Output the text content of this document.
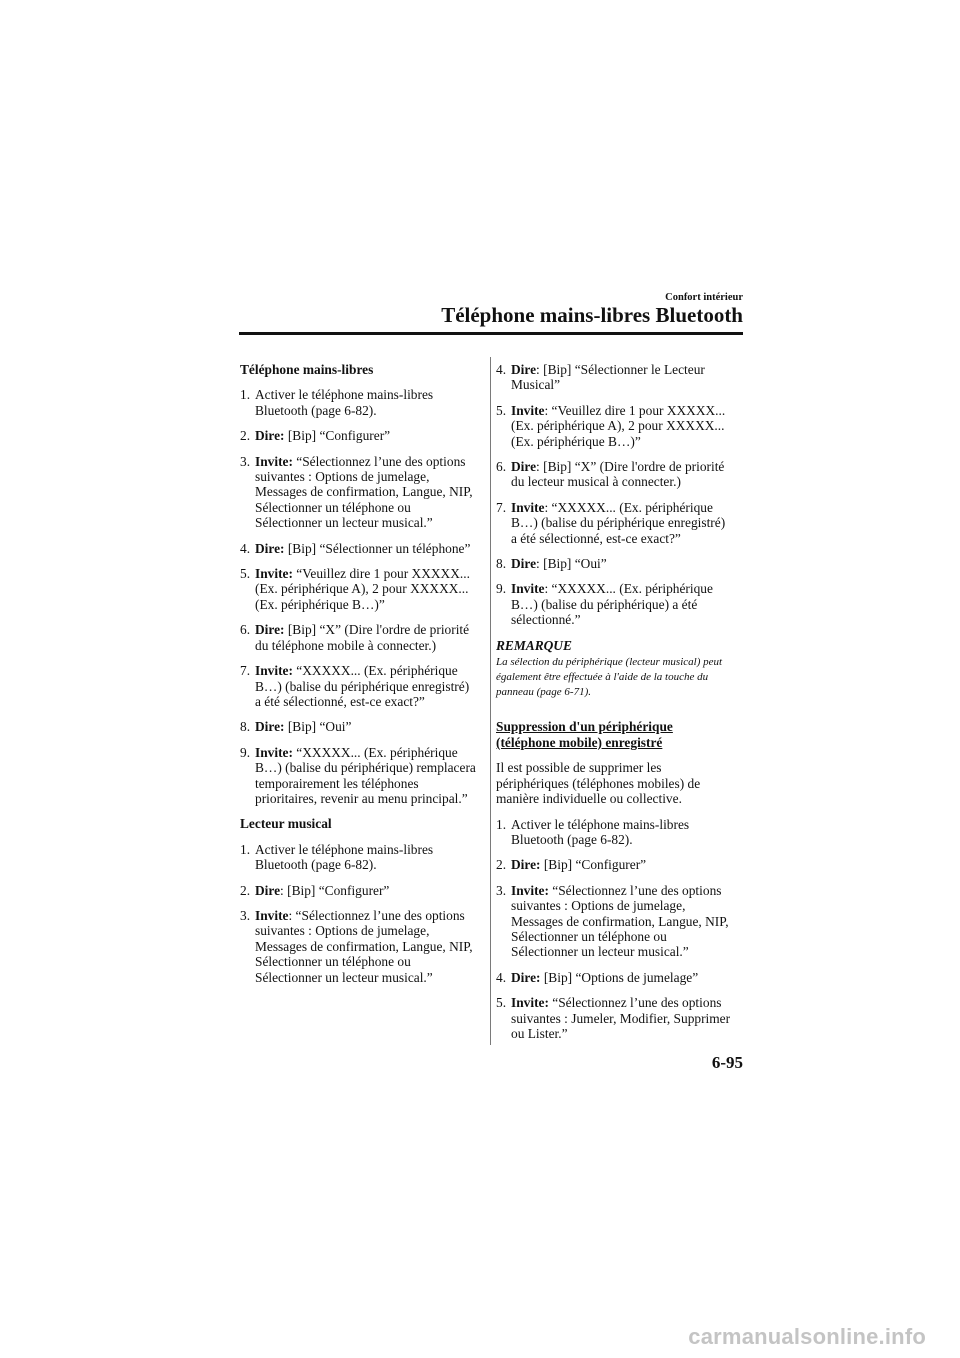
Confort intérieur

Téléphone mains-libres Bluetooth

Téléphone mains-libres

1. Activer le téléphone mains-libres Bluetooth (page 6-82).
2. Dire: [Bip] “Configurer”
3. Invite: “Sélectionnez l’une des options suivantes : Options de jumelage, Messages de confirmation, Langue, NIP, Sélectionner un téléphone ou Sélectionner un lecteur musical.”
4. Dire: [Bip] “Sélectionner un téléphone”
5. Invite: “Veuillez dire 1 pour XXXXX... (Ex. périphérique A), 2 pour XXXXX... (Ex. périphérique B…)”
6. Dire: [Bip] “X” (Dire l'ordre de priorité du téléphone mobile à connecter.)
7. Invite: “XXXXX... (Ex. périphérique B…) (balise du périphérique enregistré) a été sélectionné, est-ce exact?”
8. Dire: [Bip] “Oui”
9. Invite: “XXXXX... (Ex. périphérique B…) (balise du périphérique) remplacera temporairement les téléphones prioritaires, revenir au menu principal.”

Lecteur musical

1. Activer le téléphone mains-libres Bluetooth (page 6-82).
2. Dire: [Bip] “Configurer”
3. Invite: “Sélectionnez l’une des options suivantes : Options de jumelage, Messages de confirmation, Langue, NIP, Sélectionner un téléphone ou Sélectionner un lecteur musical.”
4. Dire: [Bip] “Sélectionner le Lecteur Musical”
5. Invite: “Veuillez dire 1 pour XXXXX... (Ex. périphérique A), 2 pour XXXXX... (Ex. périphérique B…)”
6. Dire: [Bip] “X” (Dire l'ordre de priorité du lecteur musical à connecter.)
7. Invite: “XXXXX... (Ex. périphérique B…) (balise du périphérique enregistré) a été sélectionné, est-ce exact?”
8. Dire: [Bip] “Oui”
9. Invite: “XXXXX... (Ex. périphérique B…) (balise du périphérique) a été sélectionné.”

REMARQUE

La sélection du périphérique (lecteur musical) peut également être effectuée à l'aide de la touche du panneau (page 6-71).

Suppression d'un périphérique (téléphone mobile) enregistré

Il est possible de supprimer les périphériques (téléphones mobiles) de manière individuelle ou collective.

1. Activer le téléphone mains-libres Bluetooth (page 6-82).
2. Dire: [Bip] “Configurer”
3. Invite: “Sélectionnez l’une des options suivantes : Options de jumelage, Messages de confirmation, Langue, NIP, Sélectionner un téléphone ou Sélectionner un lecteur musical.”
4. Dire: [Bip] “Options de jumelage”
5. Invite: “Sélectionnez l’une des options suivantes : Jumeler, Modifier, Supprimer ou Lister.”

6-95

carmanualsonline.info
